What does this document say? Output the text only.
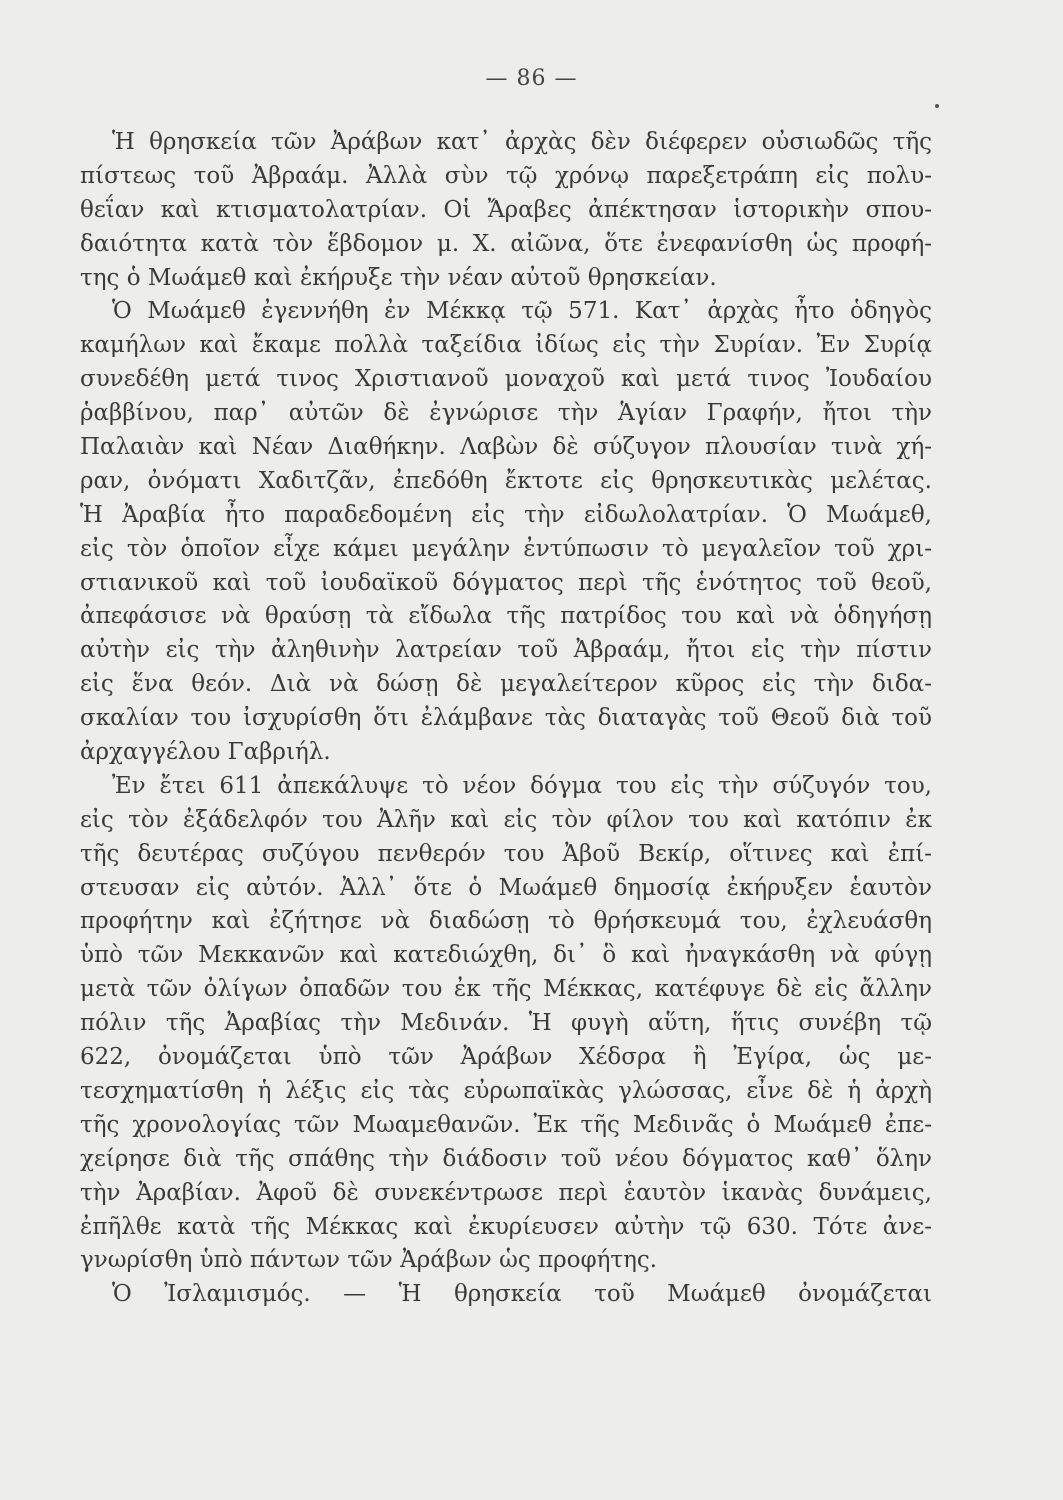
— 86 —
Ἡ θρησκεία τῶν Ἀράβων κατ᾽ ἀρχὰς δὲν διέφερεν οὐσιωδῶς τῆς
πίστεως τοῦ Ἀβραάμ. Ἀλλὰ σὺν τῷ χρόνῳ παρεξετράπη εἰς πολυ-
θεΐαν καὶ κτισματολατρίαν. Οἱ Ἄραβες ἀπέκτησαν ἱστορικὴν σπου-
δαιότητα κατὰ τὸν ἕβδομον μ. Χ. αἰῶνα, ὅτε ἐνεφανίσθη ὡς προφή-
της ὁ Μωάμεθ καὶ ἐκήρυξε τὴν νέαν αὐτοῦ θρησκείαν.
Ὁ Μωάμεθ ἐγεννήθη ἐν Μέκκᾳ τῷ 571. Κατ᾽ ἀρχὰς ἦτο ὁδηγὸς
καμήλων καὶ ἔκαμε πολλὰ ταξείδια ἰδίως εἰς τὴν Συρίαν. Ἐν Συρίᾳ
συνεδέθη μετά τινος Χριστιανοῦ μοναχοῦ καὶ μετά τινος Ἰουδαίου
ῥαββίνου, παρ᾽ αὐτῶν δὲ ἐγνώρισε τὴν Ἁγίαν Γραφήν, ἤτοι τὴν
Παλαιὰν καὶ Νέαν Διαθήκην. Λαβὼν δὲ σύζυγον πλουσίαν τινὰ χή-
ραν, ὀνόματι Χαδιτζᾶν, ἐπεδόθη ἔκτοτε εἰς θρησκευτικὰς μελέτας.
Ἡ Ἀραβία ἦτο παραδεδομένη εἰς τὴν εἰδωλολατρίαν. Ὁ Μωάμεθ,
εἰς τὸν ὁποῖον εἶχε κάμει μεγάλην ἐντύπωσιν τὸ μεγαλεῖον τοῦ χρι-
στιανικοῦ καὶ τοῦ ἰουδαϊκοῦ δόγματος περὶ τῆς ἑνότητος τοῦ θεοῦ,
ἀπεφάσισε νὰ θραύσῃ τὰ εἴδωλα τῆς πατρίδος του καὶ νὰ ὁδηγήσῃ
αὐτὴν εἰς τὴν ἀληθινὴν λατρείαν τοῦ Ἀβραάμ, ἤτοι εἰς τὴν πίστιν
εἰς ἕνα θεόν. Διὰ νὰ δώσῃ δὲ μεγαλείτερον κῦρος εἰς τὴν διδα-
σκαλίαν του ἰσχυρίσθη ὅτι ἐλάμβανε τὰς διαταγὰς τοῦ Θεοῦ διὰ τοῦ
ἀρχαγγέλου Γαβριήλ.
Ἐν ἔτει 611 ἀπεκάλυψε τὸ νέον δόγμα του εἰς τὴν σύζυγόν του,
εἰς τὸν ἐξάδελφόν του Ἀλῆν καὶ εἰς τὸν φίλον του καὶ κατόπιν ἐκ
τῆς δευτέρας συζύγου πενθερόν του Ἀβοῦ Βεκίρ, οἵτινες καὶ ἐπί-
στευσαν εἰς αὐτόν. Ἀλλ᾽ ὅτε ὁ Μωάμεθ δημοσίᾳ ἐκήρυξεν ἑαυτὸν
προφήτην καὶ ἐζήτησε νὰ διαδώσῃ τὸ θρήσκευμά του, ἐχλευάσθη
ὑπὸ τῶν Μεκκανῶν καὶ κατεδιώχθη, δι᾽ ὃ καὶ ἠναγκάσθη νὰ φύγῃ
μετὰ τῶν ὀλίγων ὀπαδῶν του ἐκ τῆς Μέκκας, κατέφυγε δὲ εἰς ἄλλην
πόλιν τῆς Ἀραβίας τὴν Μεδινάν. Ἡ φυγὴ αὕτη, ἥτις συνέβη τῷ
622, ὀνομάζεται ὑπὸ τῶν Ἀράβων Χέδσρα ἢ Ἐγίρα, ὡς με-
τεσχηματίσθη ἡ λέξις εἰς τὰς εὐρωπαϊκὰς γλώσσας, εἶνε δὲ ἡ ἀρχὴ
τῆς χρονολογίας τῶν Μωαμεθανῶν. Ἐκ τῆς Μεδινᾶς ὁ Μωάμεθ ἐπε-
χείρησε διὰ τῆς σπάθης τὴν διάδοσιν τοῦ νέου δόγματος καθ᾽ ὅλην
τὴν Ἀραβίαν. Ἀφοῦ δὲ συνεκέντρωσε περὶ ἑαυτὸν ἱκανὰς δυνάμεις,
ἐπῆλθε κατὰ τῆς Μέκκας καὶ ἐκυρίευσεν αὐτὴν τῷ 630. Τότε ἀνε-
γνωρίσθη ὑπὸ πάντων τῶν Ἀράβων ὡς προφήτης.
Ὁ Ἰσλαμισμός. — Ἡ θρησκεία τοῦ Μωάμεθ ὀνομάζεται
